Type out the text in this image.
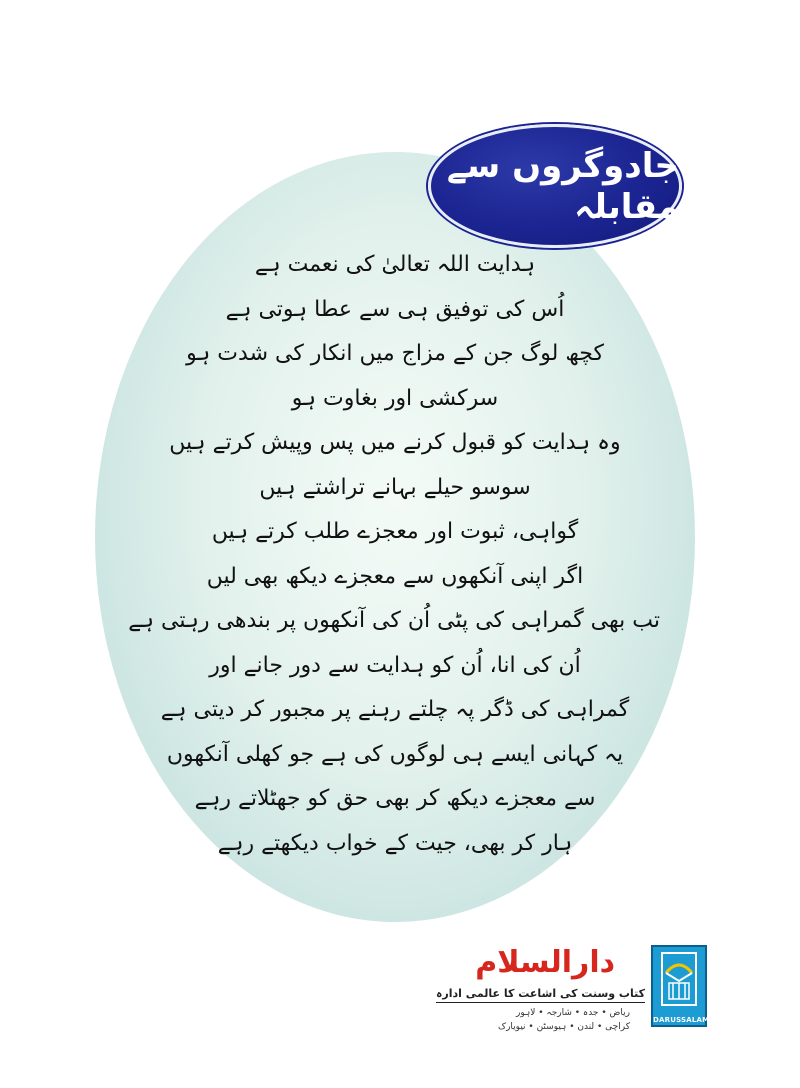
جادوگروں سے مقابلہ
ہدایت اللہ تعالیٰ کی نعمت ہے
اُس کی توفیق ہی سے عطا ہوتی ہے
کچھ لوگ جن کے مزاج میں انکار کی شدت ہو
سرکشی اور بغاوت ہو
وہ ہدایت کو قبول کرنے میں پس وپیش کرتے ہیں
سوسو حیلے بہانے تراشتے ہیں
گواہی، ثبوت اور معجزے طلب کرتے ہیں
اگر اپنی آنکھوں سے معجزے دیکھ بھی لیں
تب بھی گمراہی کی پٹی اُن کی آنکھوں پر بندھی رہتی ہے
اُن کی انا، اُن کو ہدایت سے دور جانے اور
گمراہی کی ڈگر پہ چلتے رہنے پر مجبور کر دیتی ہے
یہ کہانی ایسے ہی لوگوں کی ہے جو کھلی آنکھوں
سے معجزے دیکھ کر بھی حق کو جھٹلاتے رہے
ہار کر بھی، جیت کے خواب دیکھتے رہے
دارالسلام
کتاب وسنت کی اشاعت کا عالمی ادارہ
ریاض • جدہ • شارجہ • لاہور
کراچی • لندن • ہیوسٹن • نیویارک
DARUSSALAM
